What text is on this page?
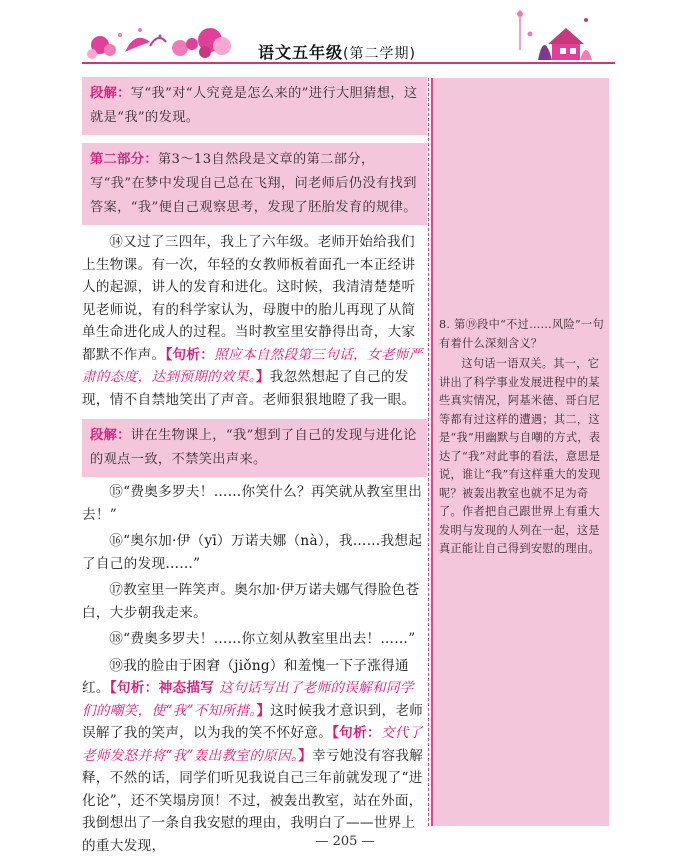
语文五年级(第二学期)
段解：写“我”对“人究竟是怎么来的”进行大胆猜想，这就是“我”的发现。
第二部分：第3～13自然段是文章的第二部分，写“我”在梦中发现自己总在飞翔，问老师后仍没有找到答案，“我”便自己观察思考，发现了胚胎发育的规律。

⑭又过了三四年，我上了六年级。老师开始给我们上生物课。有一次，年轻的女教师板着面孔一本正经讲人的起源，讲人的发育和进化。这时候，我清清楚楚听见老师说，有的科学家认为，母腹中的胎儿再现了从简单生命进化成人的过程。当时教室里安静得出奇，大家都默不作声。【句析：照应本自然段第三句话，女老师严肃的态度，达到预期的效果。】我忽然想起了自己的发现，情不自禁地笑出了声音。老师狠狠地瞪了我一眼。

段解：讲在生物课上，“我”想到了自己的发现与进化论的观点一致，不禁笑出声来。

⑮“费奥多罗夫！……你笑什么？再笑就从教室里出去！”

⑯“奥尔加·伊（yī）万诺夫娜（nà），我……我想起了自己的发现……”

⑰教室里一阵笑声。奥尔加·伊万诺夫娜气得脸色苍白，大步朝我走来。

⑱“费奥多罗夫！……你立刻从教室里出去！……”

⑲我的脸由于困窘（jiǒng）和羞愧一下子涨得通红。【句析：神态描写 这句话写出了老师的误解和同学们的嘲笑，使“我”不知所措。】这时候我才意识到，老师误解了我的笑声，以为我的笑不怀好意。【句析：交代了老师发怒并将“我”轰出教室的原因。】幸亏她没有容我解释，不然的话，同学们听见我说自己三年前就发现了“进化论”，还不笑塌房顶！不过，被轰出教室，站在外面，我倒想出了一条自我安慰的理由，我明白了——世界上的重大发现，

8. 第⑲段中“不过……风险”一句有着什么深刻含义？
这句话一语双关。其一，它讲出了科学事业发展进程中的某些真实情况，阿基米德、哥白尼等都有过这样的遭遇；其二，这是“我”用幽默与自嘲的方式，表达了“我”对此事的看法，意思是说，谁让“我”有这样重大的发现呢？被轰出教室也就不足为奇了。作者把自己跟世界上有重大发明与发现的人列在一起，这是真正能让自己得到安慰的理由。
— 205 —
